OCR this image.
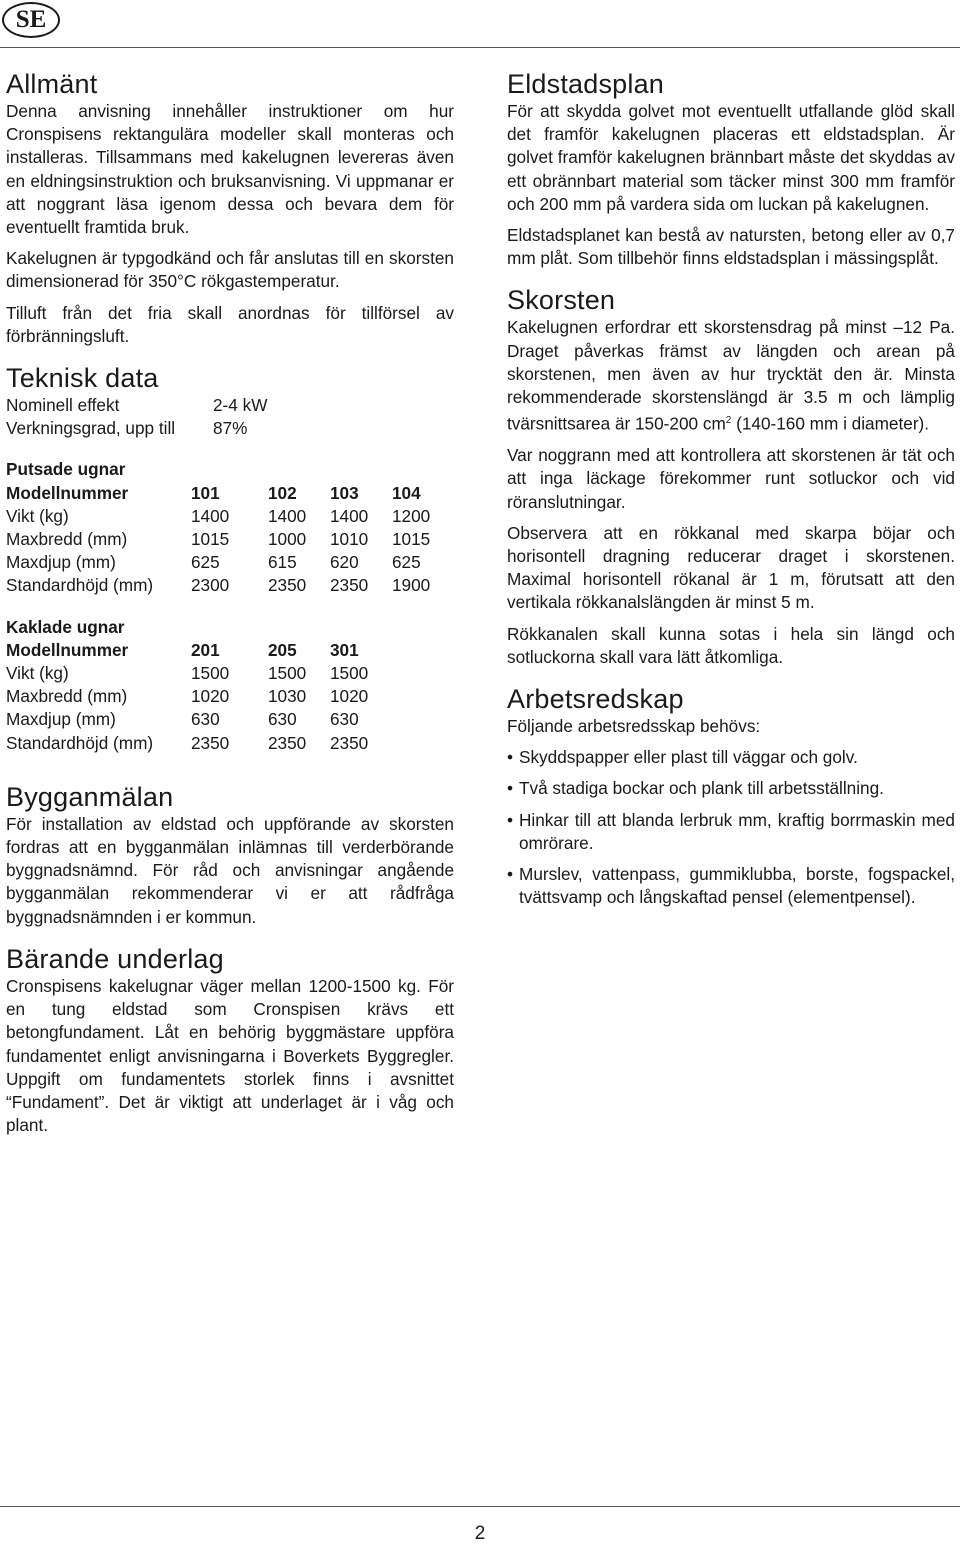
SE
Allmänt

Denna anvisning innehåller instruktioner om hur Cronspisens rektangulära modeller skall monteras och installeras. Tillsammans med kakelugnen levereras även en eldningsinstruktion och bruksanvisning. Vi uppmanar er att noggrant läsa igenom dessa och bevara dem för eventuellt framtida bruk.

Kakelugnen är typgodkänd och får anslutas till en skorsten dimensionerad för 350°C rökgastemperatur.

Tilluft från det fria skall anordnas för tillförsel av förbränningsluft.

Teknisk data
Nominell effekt	2-4 kW
Verkningsgrad, upp till	87%
Putsade ugnar
Modellnummer	101	102	103	104
Vikt (kg)	1400	1400	1400	1200
Maxbredd (mm)	1015	1000	1010	1015
Maxdjup (mm)	625	615	620	625
Standardhöjd (mm)	2300	2350	2350	1900
Kaklade ugnar
Modellnummer	201	205	301
Vikt (kg)	1500	1500	1500
Maxbredd (mm)	1020	1030	1020
Maxdjup (mm)	630	630	630
Standardhöjd (mm)	2350	2350	2350
Bygganmälan

För installation av eldstad och uppförande av skorsten fordras att en bygganmälan inlämnas till verderbörande byggnadsnämnd. För råd och anvisningar angående bygganmälan rekommenderar vi er att rådfråga byggnadsnämnden i er kommun.

Bärande underlag

Cronspisens kakelugnar väger mellan 1200-1500 kg. För en tung eldstad som Cronspisen krävs ett betongfundament. Låt en behörig byggmästare uppföra fundamentet enligt anvisningarna i Boverkets Byggregler. Uppgift om fundamentets storlek finns i avsnittet “Fundament”. Det är viktigt att underlaget är i våg och plant.

Eldstadsplan

För att skydda golvet mot eventuellt utfallande glöd skall det framför kakelugnen placeras ett eldstadsplan. Är golvet framför kakelugnen brännbart måste det skyddas av ett obrännbart material som täcker minst 300 mm framför och 200 mm på vardera sida om luckan på kakelugnen.

Eldstadsplanet kan bestå av natursten, betong eller av 0,7 mm plåt. Som tillbehör finns eldstadsplan i mässingsplåt.

Skorsten

Kakelugnen erfordrar ett skorstensdrag på minst –12 Pa. Draget påverkas främst av längden och arean på skorstenen, men även av hur trycktät den är. Minsta rekommenderade skorstenslängd är 3.5 m och lämplig tvärsnittsarea är 150-200 $cm^2$ (140-160 mm i diameter).

Var noggrann med att kontrollera att skorstenen är tät och att inga läckage förekommer runt sotluckor och vid röranslutningar.

Observera att en rökkanal med skarpa böjar och horisontell dragning reducerar draget i skorstenen. Maximal horisontell rökanal är 1 m, förutsatt att den vertikala rökkanalslängden är minst 5 m.

Rökkanalen skall kunna sotas i hela sin längd och sotluckorna skall vara lätt åtkomliga.

Arbetsredskap

Följande arbetsredsskap behövs:

• Skyddspapper eller plast till väggar och golv.
• Två stadiga bockar och plank till arbetsställning.
• Hinkar till att blanda lerbruk mm, kraftig borrmaskin med omrörare.
• Murslev, vattenpass, gummiklubba, borste, fogspackel, tvättsvamp och långskaftad pensel (elementpensel).
2
